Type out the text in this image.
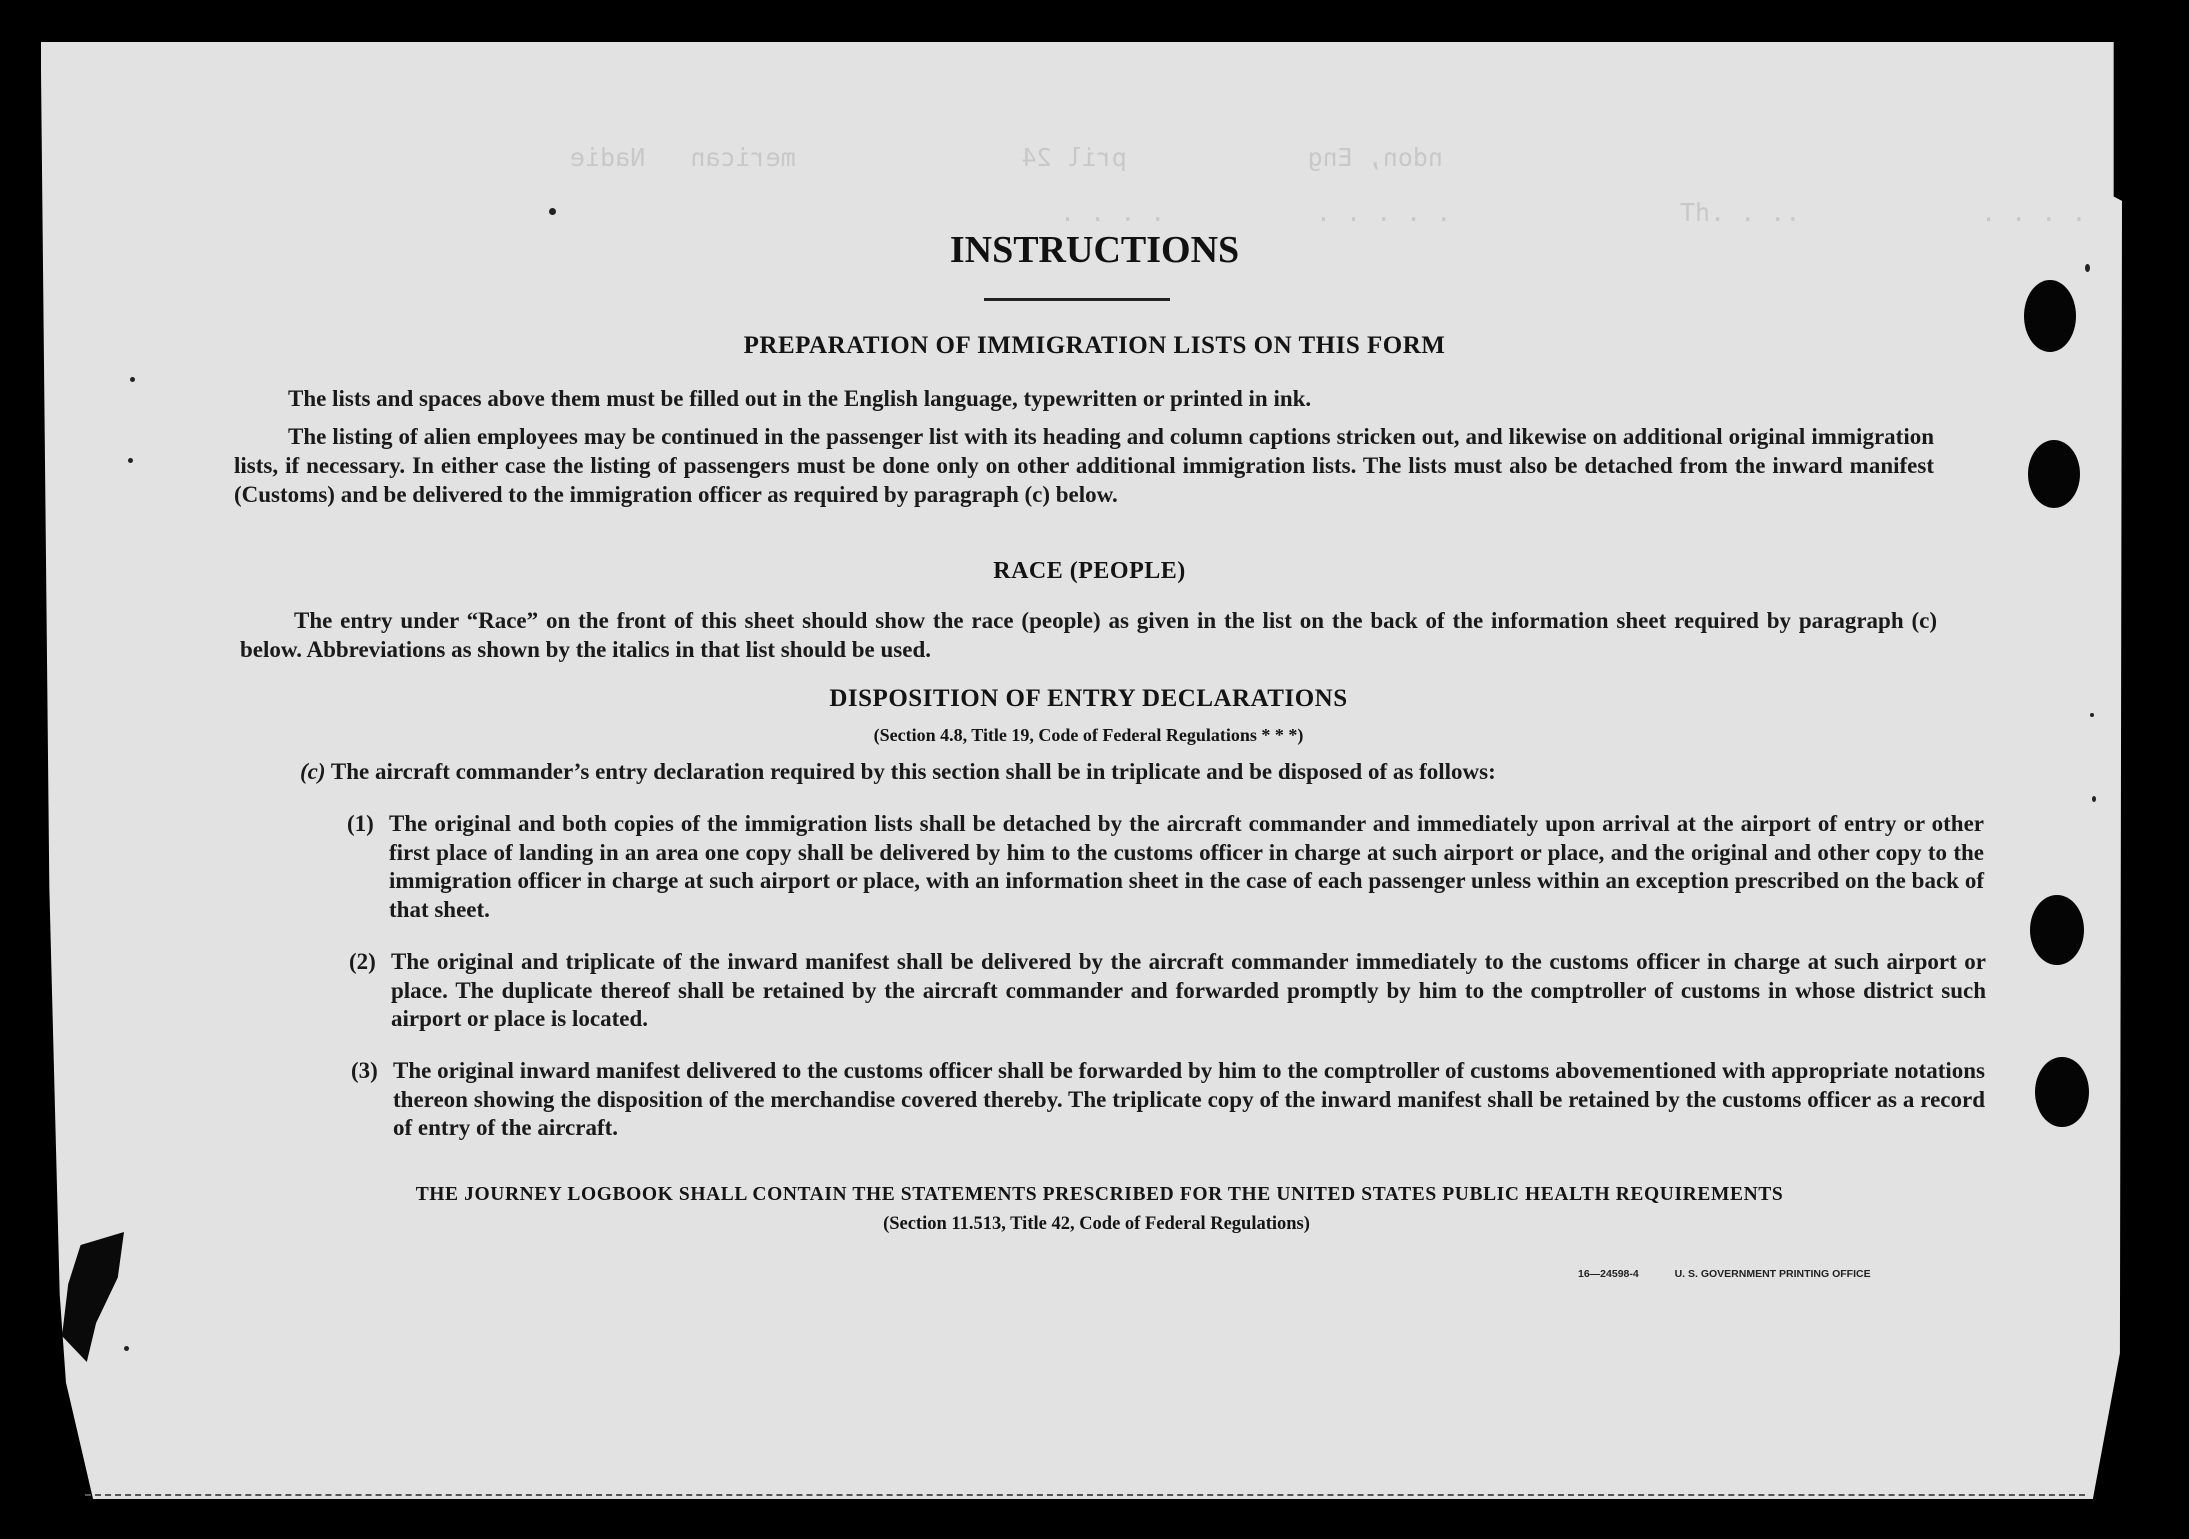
ndon, Eng            pril 24               merican   Nadie
. . . .          . . . . .	Th. . ..            . . . .
INSTRUCTIONS
PREPARATION OF IMMIGRATION LISTS ON THIS FORM
The lists and spaces above them must be filled out in the English language, typewritten or printed in ink.
The listing of alien employees may be continued in the passenger list with its heading and column captions stricken out, and likewise on additional original immigration lists, if necessary. In either case the listing of passengers must be done only on other additional immigration lists. The lists must also be detached from the inward manifest (Customs) and be delivered to the immigration officer as required by paragraph (c) below.
RACE (PEOPLE)
The entry under “Race” on the front of this sheet should show the race (people) as given in the list on the back of the information sheet required by paragraph (c) below. Abbreviations as shown by the italics in that list should be used.
DISPOSITION OF ENTRY DECLARATIONS
(Section 4.8, Title 19, Code of Federal Regulations * * *)
(c) The aircraft commander’s entry declaration required by this section shall be in triplicate and be disposed of as follows:
(1) The original and both copies of the immigration lists shall be detached by the aircraft commander and immediately upon arrival at the airport of entry or other first place of landing in an area one copy shall be delivered by him to the customs officer in charge at such airport or place, and the original and other copy to the immigration officer in charge at such airport or place, with an information sheet in the case of each passenger unless within an exception prescribed on the back of that sheet.
(2) The original and triplicate of the inward manifest shall be delivered by the aircraft commander immediately to the customs officer in charge at such airport or place. The duplicate thereof shall be retained by the aircraft commander and forwarded promptly by him to the comptroller of customs in whose district such airport or place is located.
(3) The original inward manifest delivered to the customs officer shall be forwarded by him to the comptroller of customs abovementioned with appropriate notations thereon showing the disposition of the merchandise covered thereby. The triplicate copy of the inward manifest shall be retained by the customs officer as a record of entry of the aircraft.
THE JOURNEY LOGBOOK SHALL CONTAIN THE STATEMENTS PRESCRIBED FOR THE UNITED STATES PUBLIC HEALTH REQUIREMENTS
(Section 11.513, Title 42, Code of Federal Regulations)
16—24598-4	U. S. GOVERNMENT PRINTING OFFICE
